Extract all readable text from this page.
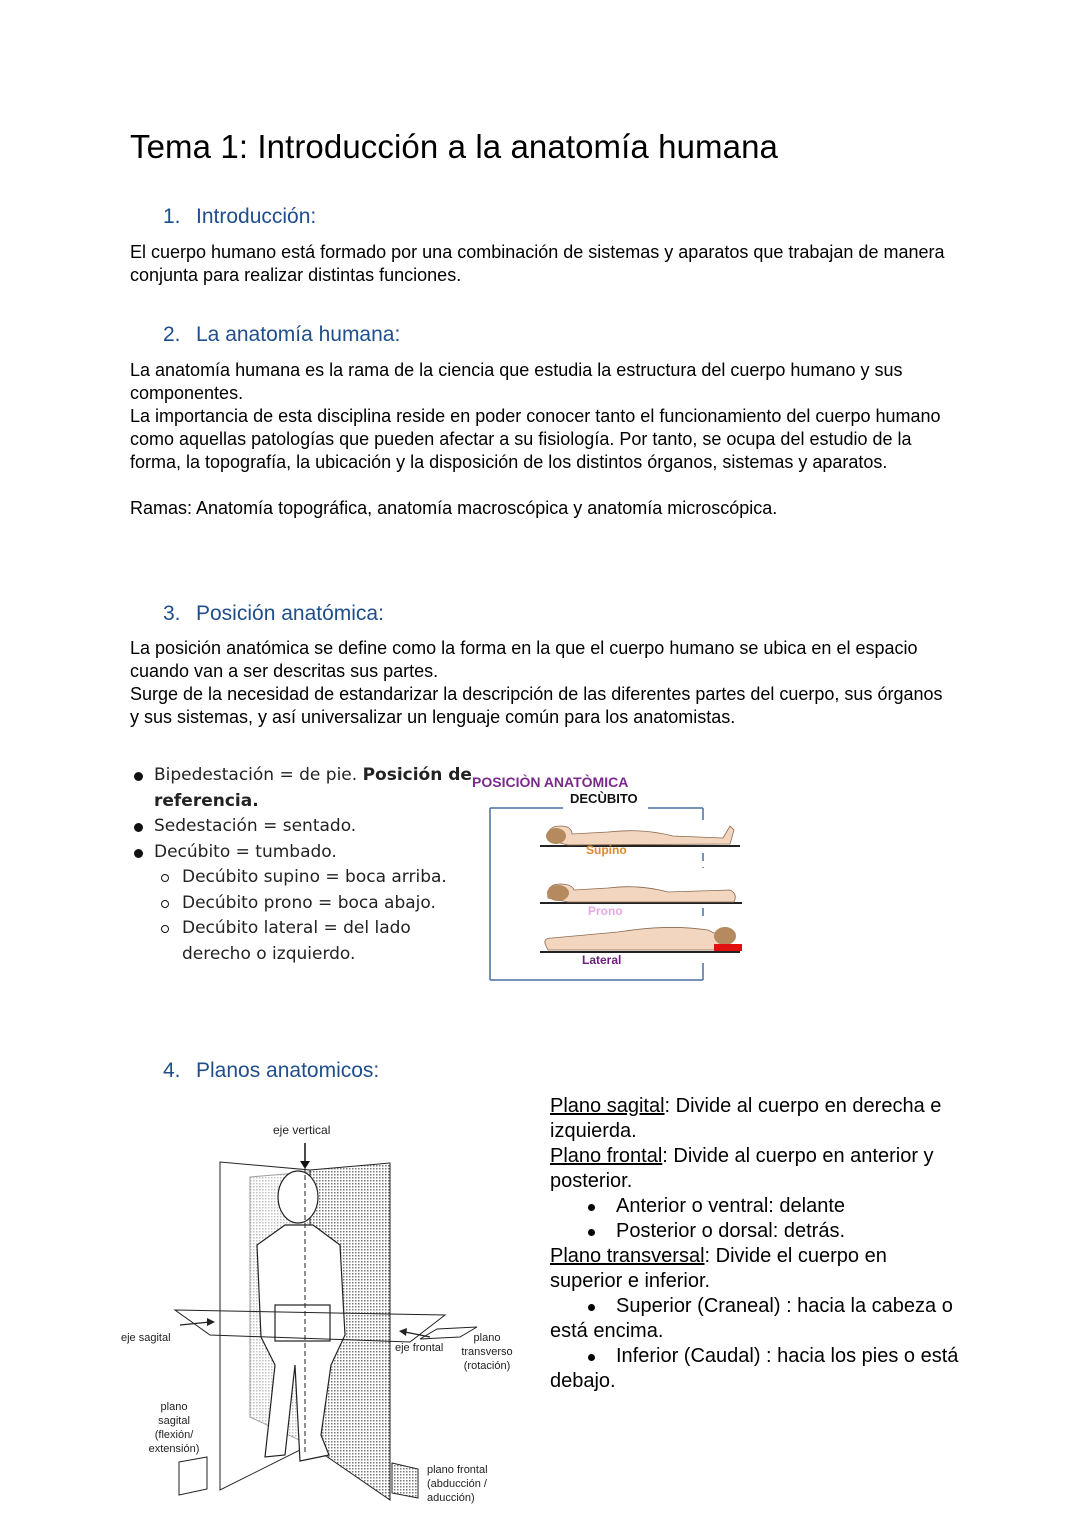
Tema 1: Introducción a la anatomía humana
1. Introducción:

El cuerpo humano está formado por una combinación de sistemas y aparatos que trabajan de manera conjunta para realizar distintas funciones.

2. La anatomía humana:

La anatomía humana es la rama de la ciencia que estudia la estructura del cuerpo humano y sus componentes.

La importancia de esta disciplina reside en poder conocer tanto el funcionamiento del cuerpo humano como aquellas patologías que pueden afectar a su fisiología. Por tanto, se ocupa del estudio de la forma, la topografía, la ubicación y la disposición de los distintos órganos, sistemas y aparatos.

Ramas: Anatomía topográfica, anatomía macroscópica y anatomía microscópica.

3. Posición anatómica:

La posición anatómica se define como la forma en la que el cuerpo humano se ubica en el espacio cuando van a ser descritas sus partes.

Surge de la necesidad de estandarizar la descripción de las diferentes partes del cuerpo, sus órganos y sus sistemas, y así universalizar un lenguaje común para los anatomistas.

Bipedestación = de pie. Posición de referencia.
Sedestación = sentado.
Decúbito = tumbado.
Decúbito supino = boca arriba.
Decúbito prono = boca abajo.
Decúbito lateral = del lado derecho o izquierdo.
POSICIÒN ANATÒMICA
DECÙBITO
Supino
Prono
Lateral
4. Planos anatomicos:
eje vertical
eje sagital
eje frontal
plano
transverso
(rotación)
plano
sagital
(flexión/
extensión)
plano frontal
(abducción /
aducción)

Plano sagital: Divide al cuerpo en derecha e izquierda.

Plano frontal: Divide al cuerpo en anterior y posterior.

Anterior o ventral: delante

Posterior o dorsal: detrás.

Plano transversal: Divide el cuerpo en superior e inferior.

Superior (Craneal) : hacia la cabeza o está encima.

Inferior (Caudal) : hacia los pies o está debajo.
